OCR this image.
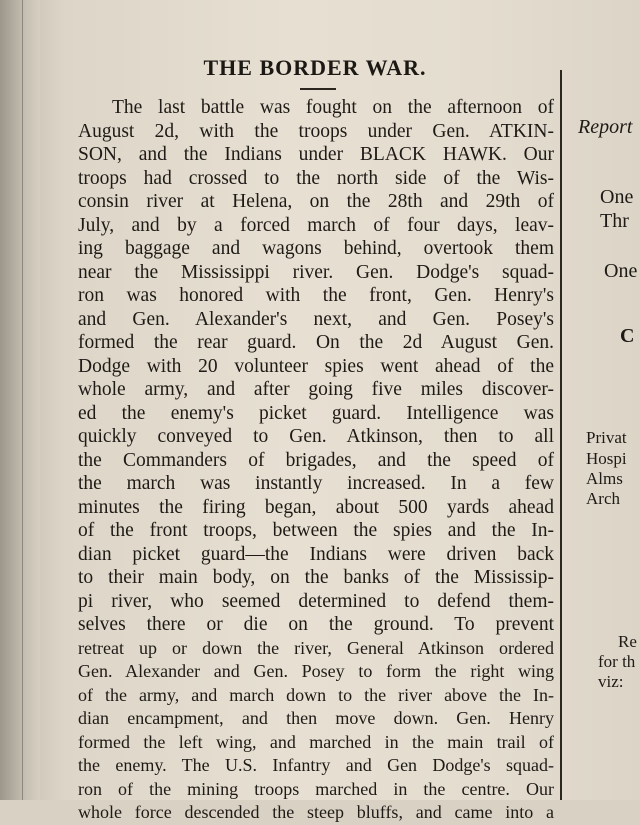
THE BORDER WAR.
The last battle was fought on the afternoon of
August 2d, with the troops under Gen. ATKIN-
SON, and the Indians under BLACK HAWK. Our
troops had crossed to the north side of the Wis-
consin river at Helena, on the 28th and 29th of
July, and by a forced march of four days, leav-
ing baggage and wagons behind, overtook them
near the Mississippi river. Gen. Dodge's squad-
ron was honored with the front, Gen. Henry's
and Gen. Alexander's next, and Gen. Posey's
formed the rear guard. On the 2d August Gen.
Dodge with 20 volunteer spies went ahead of the
whole army, and after going five miles discover-
ed the enemy's picket guard. Intelligence was
quickly conveyed to Gen. Atkinson, then to all
the Commanders of brigades, and the speed of
the march was instantly increased. In a few
minutes the firing began, about 500 yards ahead
of the front troops, between the spies and the In-
dian picket guard—the Indians were driven back
to their main body, on the banks of the Mississip-
pi river, who seemed determined to defend them-
selves there or die on the ground. To prevent
retreat up or down the river, General Atkinson ordered
Gen. Alexander and Gen. Posey to form the right wing
of the army, and march down to the river above the In-
dian encampment, and then move down. Gen. Henry
formed the left wing, and marched in the main trail of
the enemy. The U.S. Infantry and Gen Dodge's squad-
ron of the mining troops marched in the centre. Our
whole force descended the steep bluffs, and came into a
Report
One
Thr
One
C
Privat
Hospi
Alms
Arch
Re
for th
viz:
